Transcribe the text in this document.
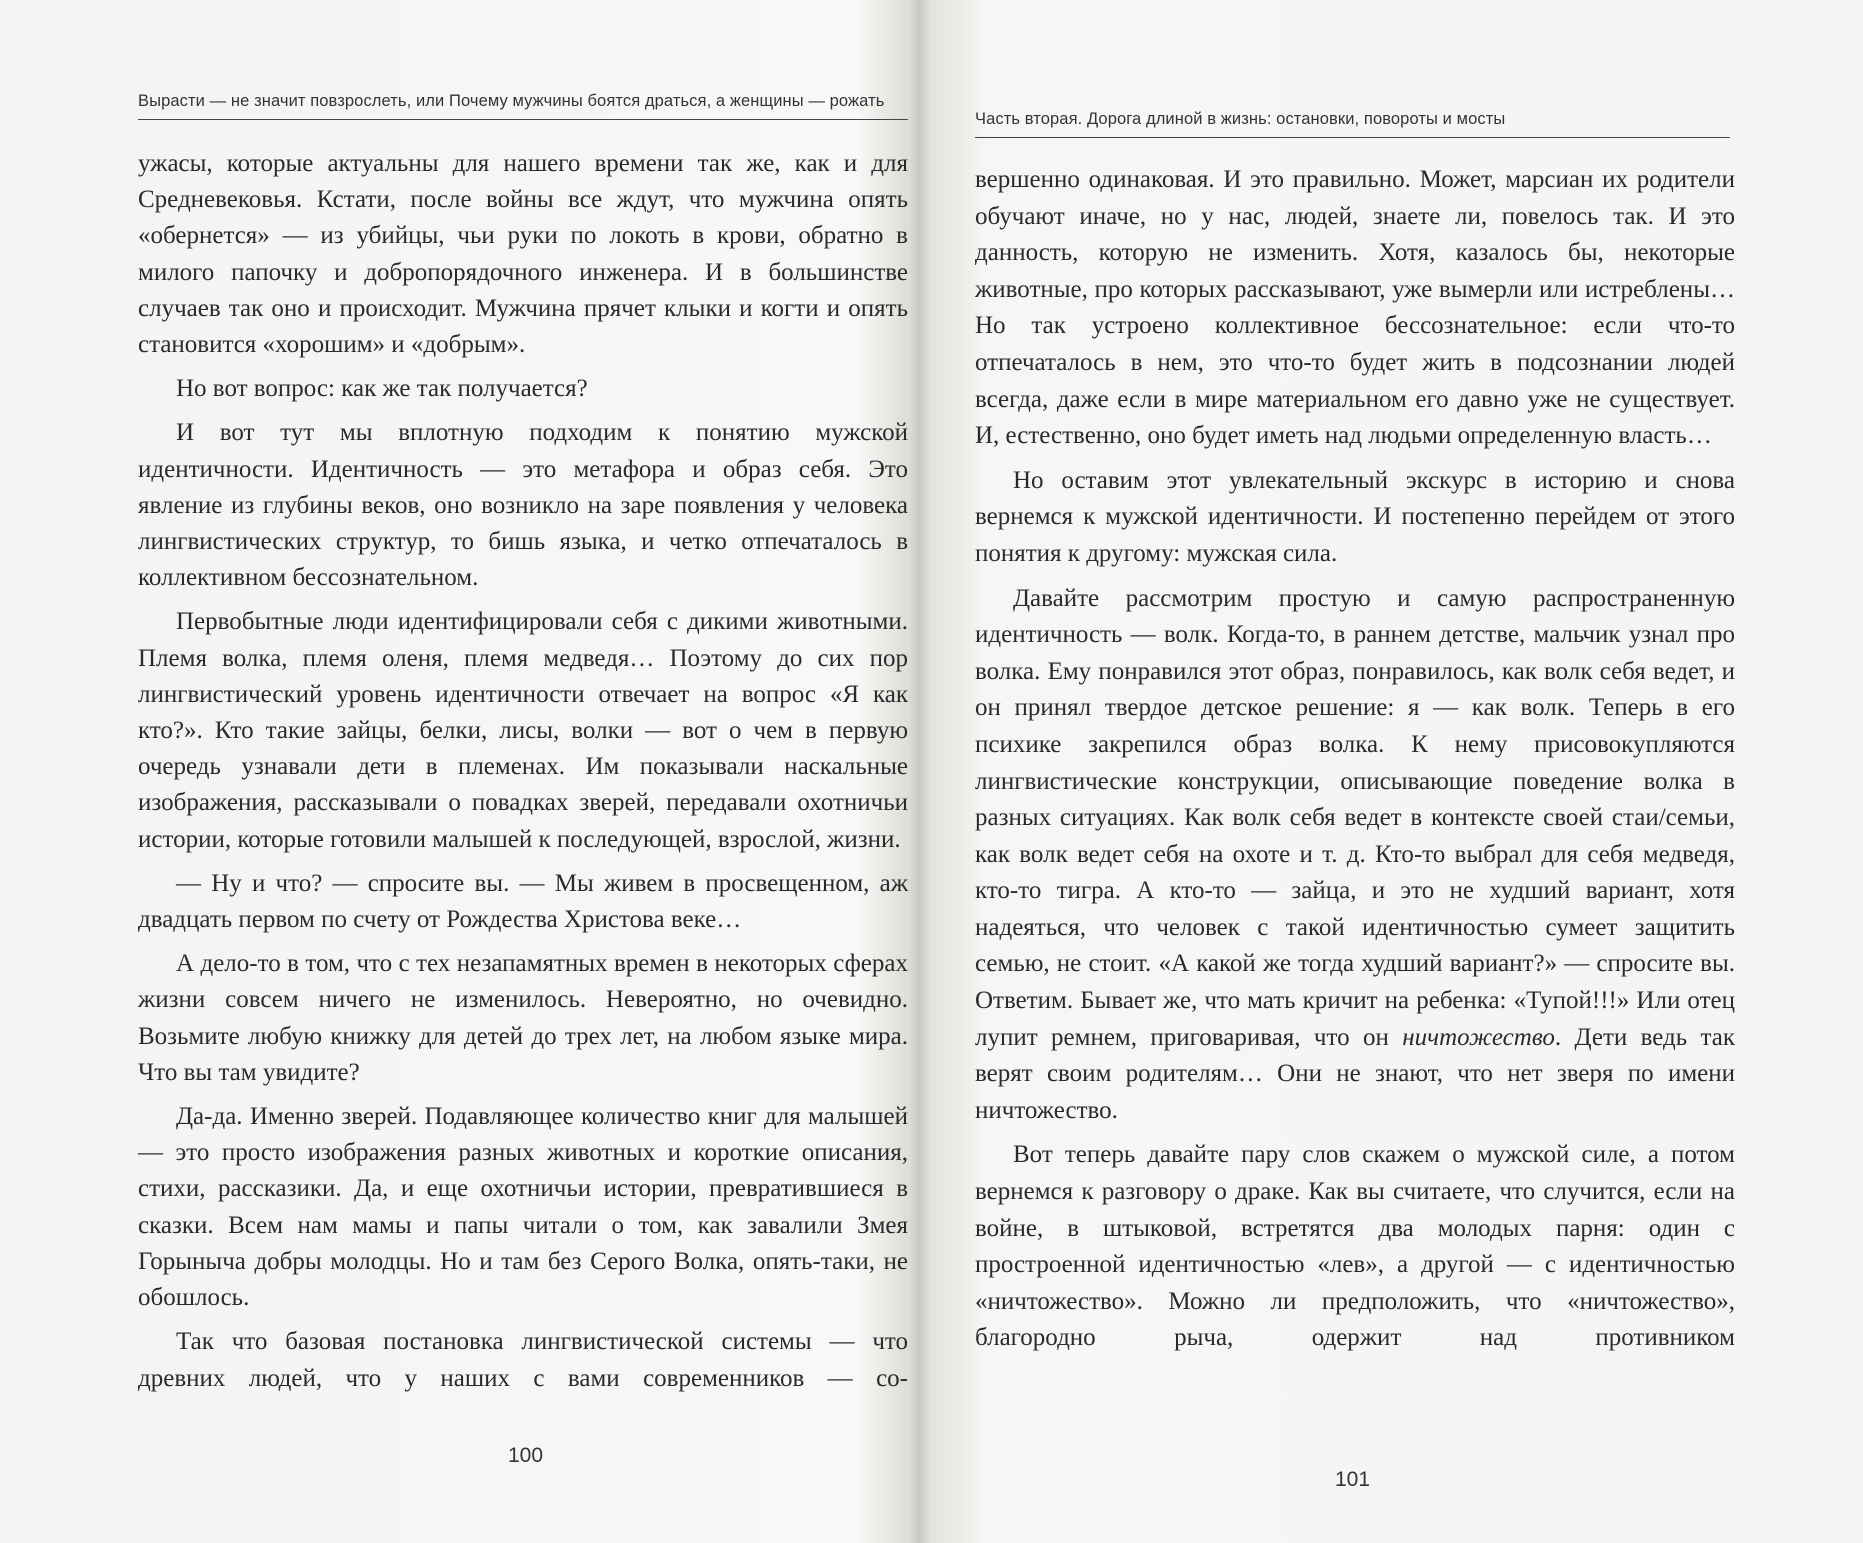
Вырасти — не значит повзрослеть, или Почему мужчины боятся драться, а женщины — рожать

ужасы, которые актуальны для нашего времени так же, как и для Средневековья. Кстати, после войны все ждут, что мужчина опять «обернется» — из убийцы, чьи руки по локоть в крови, обратно в милого папочку и добропорядочного инженера. И в большинстве случаев так оно и происходит. Мужчина прячет клыки и когти и опять становится «хорошим» и «добрым».

Но вот вопрос: как же так получается?

И вот тут мы вплотную подходим к понятию мужской идентичности. Идентичность — это метафора и образ себя. Это явление из глубины веков, оно возникло на заре появления у человека лингвистических структур, то бишь языка, и четко отпечаталось в коллективном бессознательном.

Первобытные люди идентифицировали себя с дикими животными. Племя волка, племя оленя, племя медведя… Поэтому до сих пор лингвистический уровень идентичности отвечает на вопрос «Я как кто?». Кто такие зайцы, белки, лисы, волки — вот о чем в первую очередь узнавали дети в племенах. Им показывали наскальные изображения, рассказывали о повадках зверей, передавали охотничьи истории, которые готовили малышей к последующей, взрослой, жизни.

— Ну и что? — спросите вы. — Мы живем в просвещенном, аж двадцать первом по счету от Рождества Христова веке…

А дело-то в том, что с тех незапамятных времен в некоторых сферах жизни совсем ничего не изменилось. Невероятно, но очевидно. Возьмите любую книжку для детей до трех лет, на любом языке мира. Что вы там увидите?

Да-да. Именно зверей. Подавляющее количество книг для малышей — это просто изображения разных животных и короткие описания, стихи, рассказики. Да, и еще охотничьи истории, превратившиеся в сказки. Всем нам мамы и папы читали о том, как завалили Змея Горыныча добры молодцы. Но и там без Серого Волка, опять-таки, не обошлось.

Так что базовая постановка лингвистической системы — что древних людей, что у наших с вами современников — со-

100
Часть вторая. Дорога длиной в жизнь: остановки, повороты и мосты

вершенно одинаковая. И это правильно. Может, марсиан их родители обучают иначе, но у нас, людей, знаете ли, повелось так. И это данность, которую не изменить. Хотя, казалось бы, некоторые животные, про которых рассказывают, уже вымерли или истреблены… Но так устроено коллективное бессознательное: если что-то отпечаталось в нем, это что-то будет жить в подсознании людей всегда, даже если в мире материальном его давно уже не существует. И, естественно, оно будет иметь над людьми определенную власть…

Но оставим этот увлекательный экскурс в историю и снова вернемся к мужской идентичности. И постепенно перейдем от этого понятия к другому: мужская сила.

Давайте рассмотрим простую и самую распространенную идентичность — волк. Когда-то, в раннем детстве, мальчик узнал про волка. Ему понравился этот образ, понравилось, как волк себя ведет, и он принял твердое детское решение: я — как волк. Теперь в его психике закрепился образ волка. К нему присовокупляются лингвистические конструкции, описывающие поведение волка в разных ситуациях. Как волк себя ведет в контексте своей стаи/семьи, как волк ведет себя на охоте и т. д. Кто-то выбрал для себя медведя, кто-то тигра. А кто-то — зайца, и это не худший вариант, хотя надеяться, что человек с такой идентичностью сумеет защитить семью, не стоит. «А какой же тогда худший вариант?» — спросите вы. Ответим. Бывает же, что мать кричит на ребенка: «Тупой!!!» Или отец лупит ремнем, приговаривая, что он ничтожество. Дети ведь так верят своим родителям… Они не знают, что нет зверя по имени ничтожество.

Вот теперь давайте пару слов скажем о мужской силе, а потом вернемся к разговору о драке. Как вы считаете, что случится, если на войне, в штыковой, встретятся два молодых парня: один с простроенной идентичностью «лев», а другой — с идентичностью «ничтожество». Можно ли предположить, что «ничтожество», благородно рыча, одержит над противником

101
